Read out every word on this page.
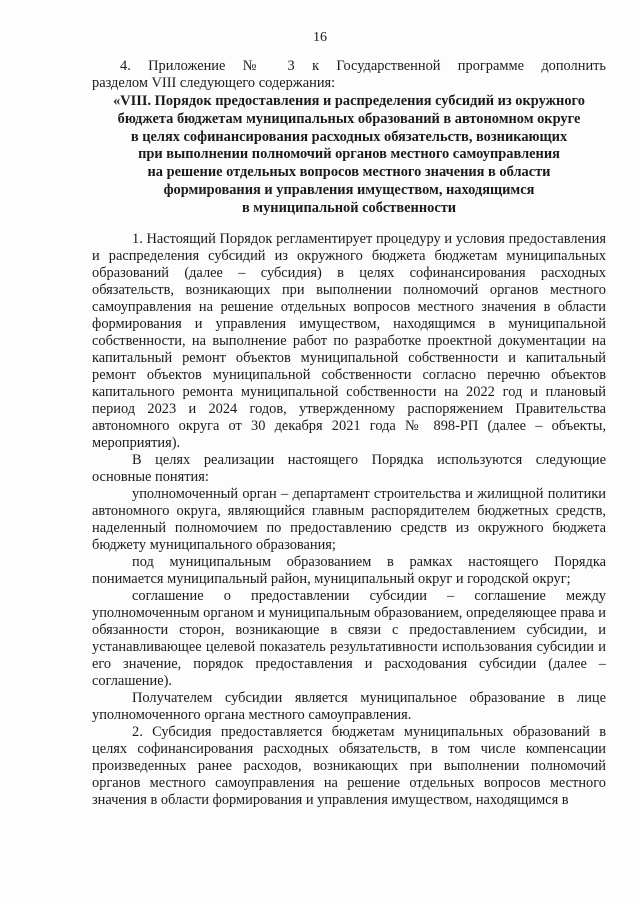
16
4. Приложение № 3 к Государственной программе дополнить
разделом VIII следующего содержания:
«VIII. Порядок предоставления и распределения субсидий из окружного
бюджета бюджетам муниципальных образований в автономном округе
в целях софинансирования расходных обязательств, возникающих
при выполнении полномочий органов местного самоуправления
на решение отдельных вопросов местного значения в области
формирования и управления имуществом, находящимся
в муниципальной собственности

1. Настоящий Порядок регламентирует процедуру и условия предоставления и распределения субсидий из окружного бюджета бюджетам муниципальных образований (далее – субсидия) в целях софинансирования расходных обязательств, возникающих при выполнении полномочий органов местного самоуправления на решение отдельных вопросов местного значения в области формирования и управления имуществом, находящимся в муниципальной собственности, на выполнение работ по разработке проектной документации на капитальный ремонт объектов муниципальной собственности и капитальный ремонт объектов муниципальной собственности согласно перечню объектов капитального ремонта муниципальной собственности на 2022 год и плановый период 2023 и 2024 годов, утвержденному распоряжением Правительства автономного округа от 30 декабря 2021 года № 898-РП (далее – объекты, мероприятия).

В целях реализации настоящего Порядка используются следующие основные понятия:

уполномоченный орган – департамент строительства и жилищной политики автономного округа, являющийся главным распорядителем бюджетных средств, наделенный полномочием по предоставлению средств из окружного бюджета бюджету муниципального образования;

под муниципальным образованием в рамках настоящего Порядка понимается муниципальный район, муниципальный округ и городской округ;

соглашение о предоставлении субсидии – соглашение между уполномоченным органом и муниципальным образованием, определяющее права и обязанности сторон, возникающие в связи с предоставлением субсидии, и устанавливающее целевой показатель результативности использования субсидии и его значение, порядок предоставления и расходования субсидии (далее – соглашение).

Получателем субсидии является муниципальное образование в лице уполномоченного органа местного самоуправления.

2. Субсидия предоставляется бюджетам муниципальных образований в целях софинансирования расходных обязательств, в том числе компенсации произведенных ранее расходов, возникающих при выполнении полномочий органов местного самоуправления на решение отдельных вопросов местного значения в области формирования и управления имуществом, находящимся в
